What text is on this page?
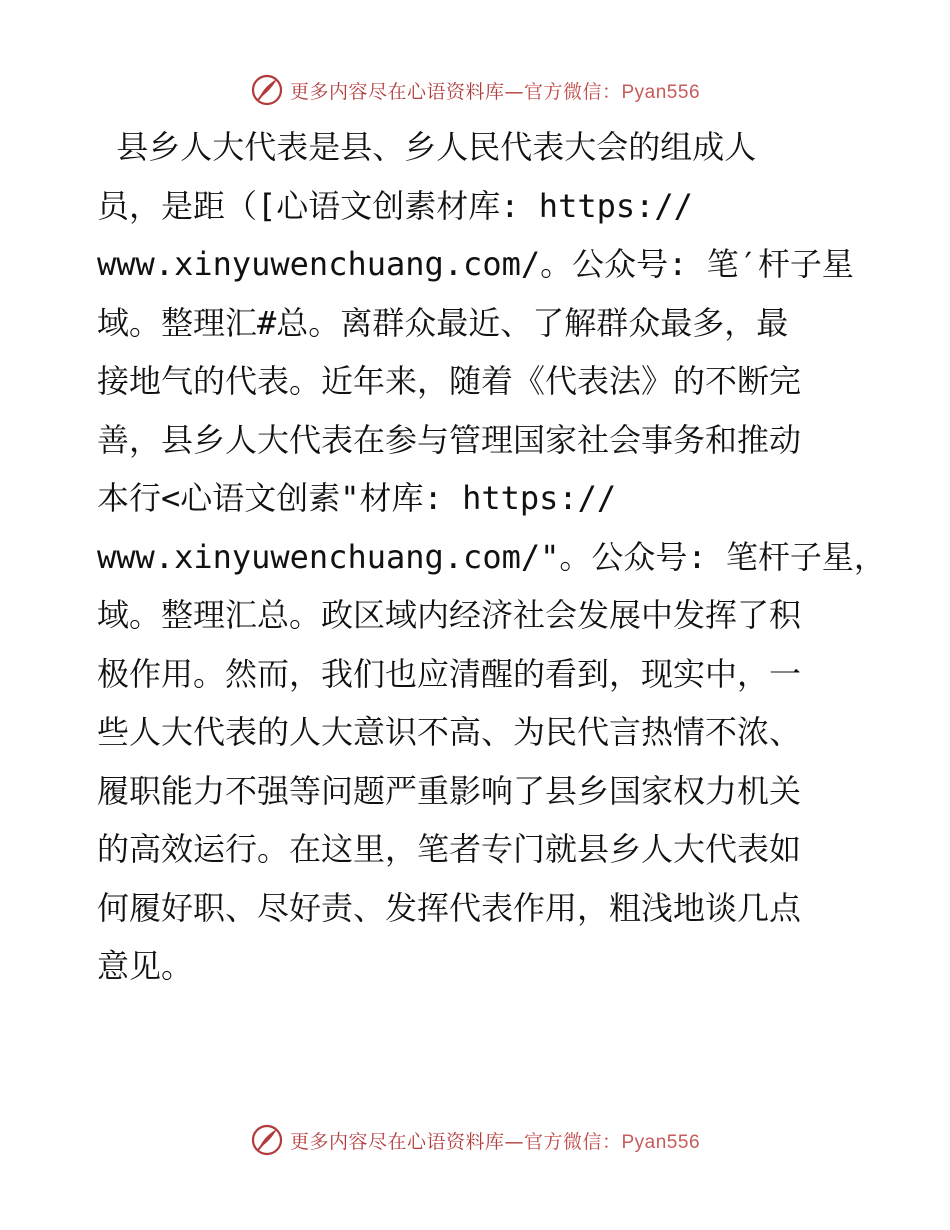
更多内容尽在心语资料库—官方微信：Pyan556
县乡人大代表是县、乡人民代表大会的组成人
员，是距（[心语文创素材库: https://
www.xinyuwenchuang.com/。公众号: 笔′杆子星
域。整理汇#总。离群众最近、了解群众最多，最
接地气的代表。近年来，随着《代表法》的不断完
善，县乡人大代表在参与管理国家社会事务和推动
本行<心语文创素"材库: https://
www.xinyuwenchuang.com/"。公众号: 笔杆子星，
域。整理汇总。政区域内经济社会发展中发挥了积
极作用。然而，我们也应清醒的看到，现实中，一
些人大代表的人大意识不高、为民代言热情不浓、
履职能力不强等问题严重影响了县乡国家权力机关
的高效运行。在这里，笔者专门就县乡人大代表如
何履好职、尽好责、发挥代表作用，粗浅地谈几点
意见。
更多内容尽在心语资料库—官方微信：Pyan556
